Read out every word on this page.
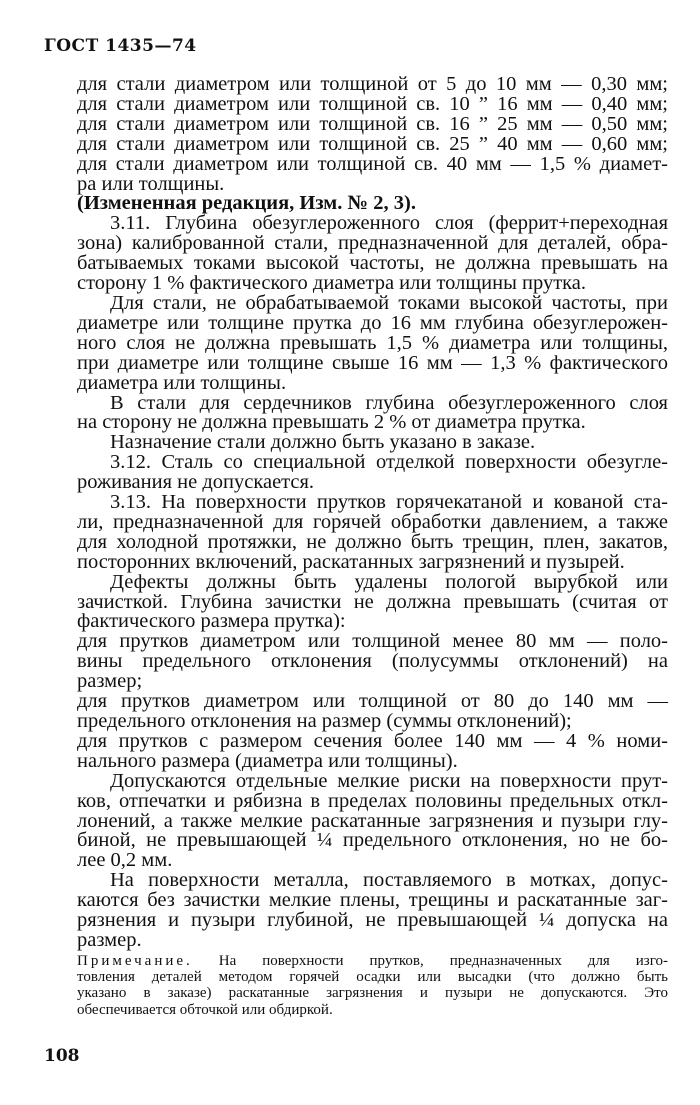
ГОСТ 1435—74

для стали диаметром или толщиной от 5 до 10 мм — 0,30 мм;
для стали диаметром или толщиной св. 10 ” 16 мм — 0,40 мм;
для стали диаметром или толщиной св. 16 ” 25 мм — 0,50 мм;
для стали диаметром или толщиной св. 25 ” 40 мм — 0,60 мм;
для стали диаметром или толщиной св. 40 мм — 1,5 % диамет-
ра или толщины.

(Измененная редакция, Изм. № 2, 3).

3.11. Глубина обезуглероженного слоя (феррит+переходная
зона) калиброванной стали, предназначенной для деталей, обра-
батываемых токами высокой частоты, не должна превышать на
сторону 1 % фактического диаметра или толщины прутка.

Для стали, не обрабатываемой токами высокой частоты, при
диаметре или толщине прутка до 16 мм глубина обезуглерожен-
ного слоя не должна превышать 1,5 % диаметра или толщины,
при диаметре или толщине свыше 16 мм — 1,3 % фактического
диаметра или толщины.

В стали для сердечников глубина обезуглероженного слоя
на сторону не должна превышать 2 % от диаметра прутка.

Назначение стали должно быть указано в заказе.

3.12. Сталь со специальной отделкой поверхности обезугле-
роживания не допускается.

3.13. На поверхности прутков горячекатаной и кованой ста-
ли, предназначенной для горячей обработки давлением, а также
для холодной протяжки, не должно быть трещин, плен, закатов,
посторонних включений, раскатанных загрязнений и пузырей.

Дефекты должны быть удалены пологой вырубкой или
зачисткой. Глубина зачистки не должна превышать (считая от
фактического размера прутка):

для прутков диаметром или толщиной менее 80 мм — поло-
вины предельного отклонения (полусуммы отклонений) на
размер;

для прутков диаметром или толщиной от 80 до 140 мм —
предельного отклонения на размер (суммы отклонений);

для прутков с размером сечения более 140 мм — 4 % номи-
нального размера (диаметра или толщины).

Допускаются отдельные мелкие риски на поверхности прут-
ков, отпечатки и рябизна в пределах половины предельных откл-
лонений, а также мелкие раскатанные загрязнения и пузыри глу-
биной, не превышающей ¼ предельного отклонения, но не бо-
лее 0,2 мм.

На поверхности металла, поставляемого в мотках, допус-
каются без зачистки мелкие плены, трещины и раскатанные заг-
рязнения и пузыри глубиной, не превышающей ¼ допуска на
размер.

Примечание. На поверхности прутков, предназначенных для изго-
товления деталей методом горячей осадки или высадки (что должно быть
указано в заказе) раскатанные загрязнения и пузыри не допускаются. Это
обеспечивается обточкой или обдиркой.
108
